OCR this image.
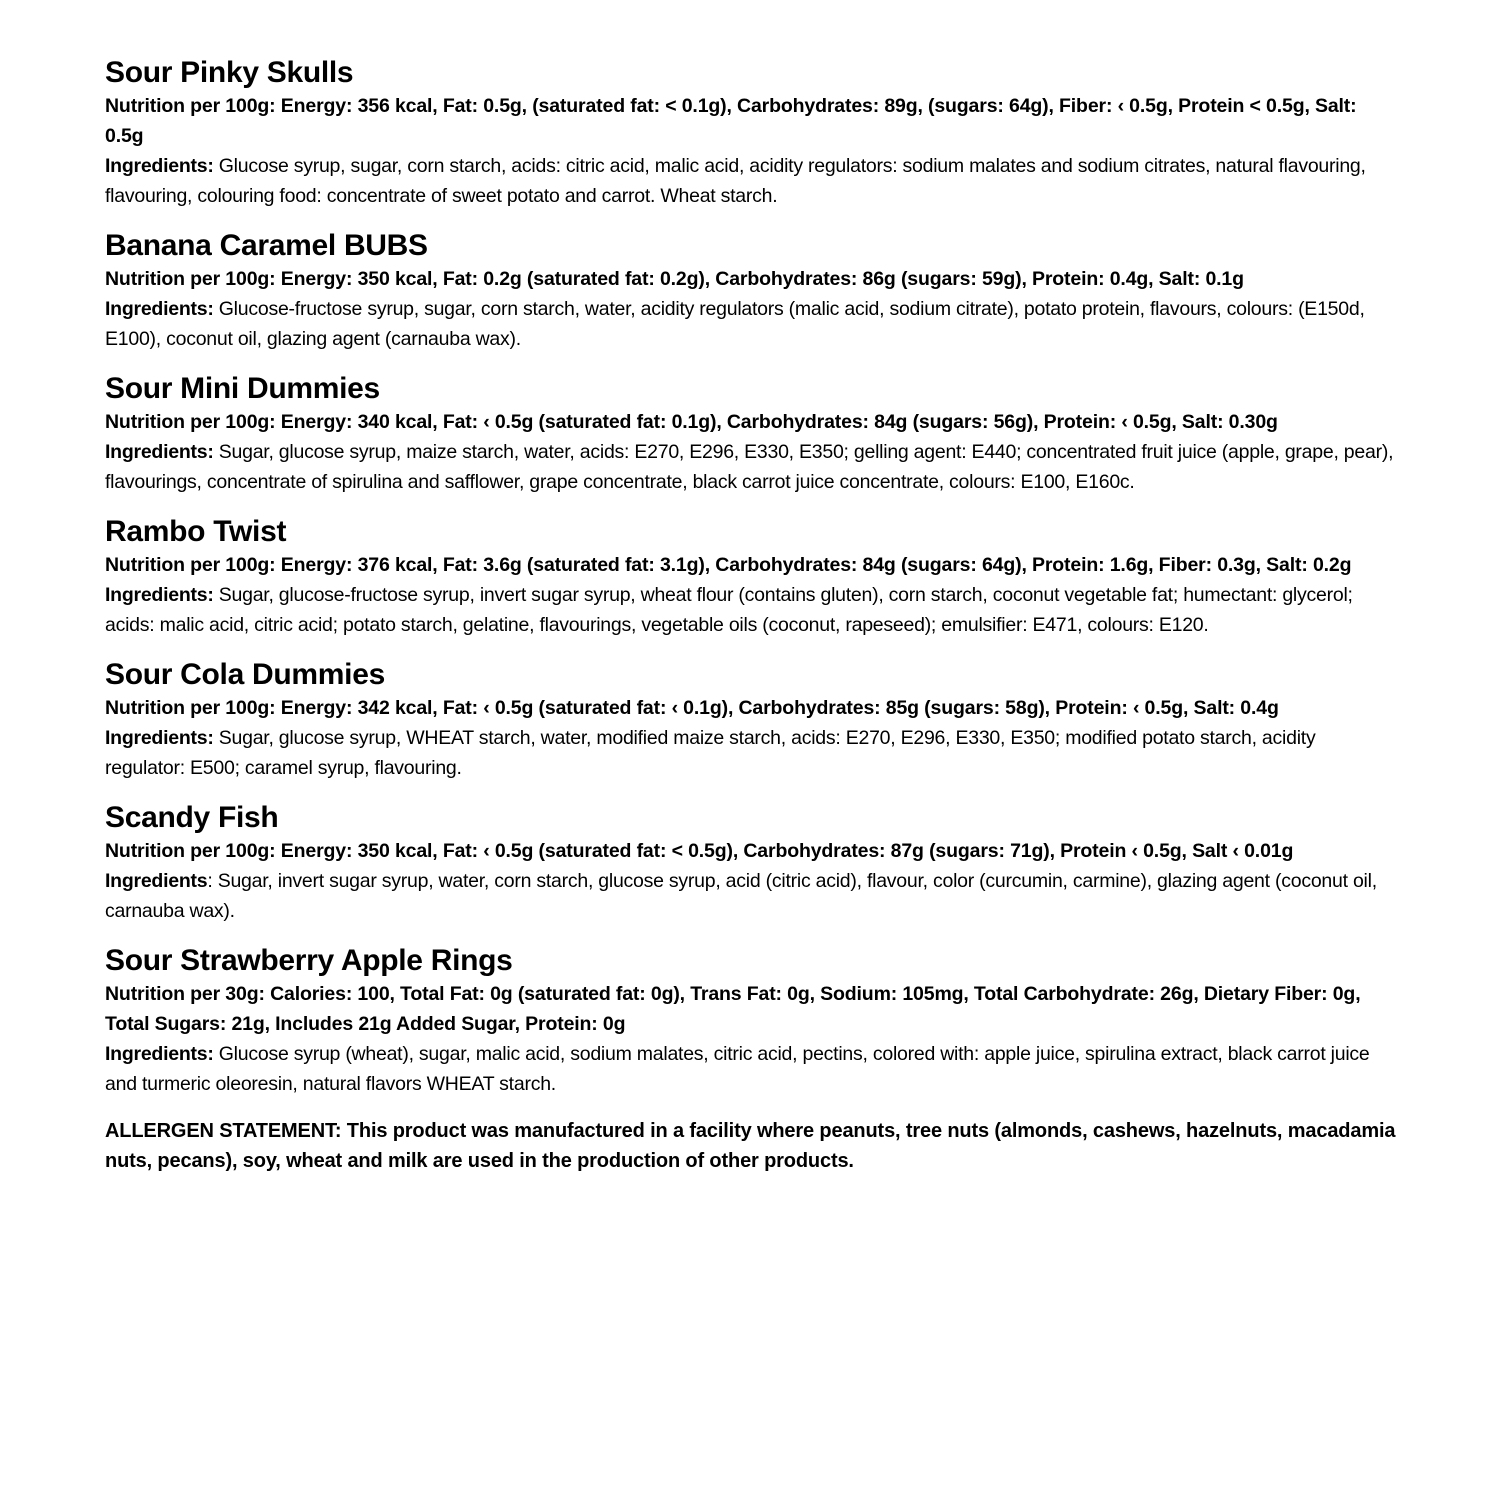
Sour Pinky Skulls

Nutrition per 100g: Energy: 356 kcal, Fat: 0.5g, (saturated fat: < 0.1g), Carbohydrates: 89g, (sugars: 64g), Fiber: ‹ 0.5g, Protein < 0.5g, Salt: 0.5g

Ingredients: Glucose syrup, sugar, corn starch, acids: citric acid, malic acid, acidity regulators: sodium malates and sodium citrates, natural flavouring, flavouring, colouring food: concentrate of sweet potato and carrot. Wheat starch.

Banana Caramel BUBS

Nutrition per 100g: Energy: 350 kcal, Fat: 0.2g (saturated fat: 0.2g), Carbohydrates: 86g (sugars: 59g), Protein: 0.4g, Salt: 0.1g

Ingredients: Glucose-fructose syrup, sugar, corn starch, water, acidity regulators (malic acid, sodium citrate), potato protein, flavours, colours: (E150d, E100), coconut oil, glazing agent (carnauba wax).

Sour Mini Dummies

Nutrition per 100g: Energy: 340 kcal, Fat: ‹ 0.5g (saturated fat: 0.1g), Carbohydrates: 84g (sugars: 56g), Protein: ‹ 0.5g, Salt: 0.30g

Ingredients: Sugar, glucose syrup, maize starch, water, acids: E270, E296, E330, E350; gelling agent: E440; concentrated fruit juice (apple, grape, pear), flavourings, concentrate of spirulina and safflower, grape concentrate, black carrot juice concentrate, colours: E100, E160c.

Rambo Twist

Nutrition per 100g: Energy: 376 kcal, Fat: 3.6g (saturated fat: 3.1g), Carbohydrates: 84g (sugars: 64g), Protein: 1.6g, Fiber: 0.3g, Salt: 0.2g

Ingredients: Sugar, glucose-fructose syrup, invert sugar syrup, wheat flour (contains gluten), corn starch, coconut vegetable fat; humectant: glycerol; acids: malic acid, citric acid; potato starch, gelatine, flavourings, vegetable oils (coconut, rapeseed); emulsifier: E471, colours: E120.

Sour Cola Dummies

Nutrition per 100g: Energy: 342 kcal, Fat: ‹ 0.5g (saturated fat: ‹ 0.1g), Carbohydrates: 85g (sugars: 58g), Protein: ‹ 0.5g, Salt: 0.4g

Ingredients: Sugar, glucose syrup, WHEAT starch, water, modified maize starch, acids: E270, E296, E330, E350; modified potato starch, acidity regulator: E500; caramel syrup, flavouring.

Scandy Fish

Nutrition per 100g: Energy: 350 kcal, Fat: ‹ 0.5g (saturated fat: < 0.5g), Carbohydrates: 87g (sugars: 71g), Protein ‹ 0.5g, Salt ‹ 0.01g

Ingredients: Sugar, invert sugar syrup, water, corn starch, glucose syrup, acid (citric acid), flavour, color (curcumin, carmine), glazing agent (coconut oil, carnauba wax).

Sour Strawberry Apple Rings

Nutrition per 30g: Calories: 100, Total Fat: 0g (saturated fat: 0g), Trans Fat: 0g, Sodium: 105mg, Total Carbohydrate: 26g, Dietary Fiber: 0g, Total Sugars: 21g, Includes 21g Added Sugar, Protein: 0g

Ingredients: Glucose syrup (wheat), sugar, malic acid, sodium malates, citric acid, pectins, colored with: apple juice, spirulina extract, black carrot juice and turmeric oleoresin, natural flavors WHEAT starch.

ALLERGEN STATEMENT: This product was manufactured in a facility where peanuts, tree nuts (almonds, cashews, hazelnuts, macadamia nuts, pecans), soy, wheat and milk are used in the production of other products.
